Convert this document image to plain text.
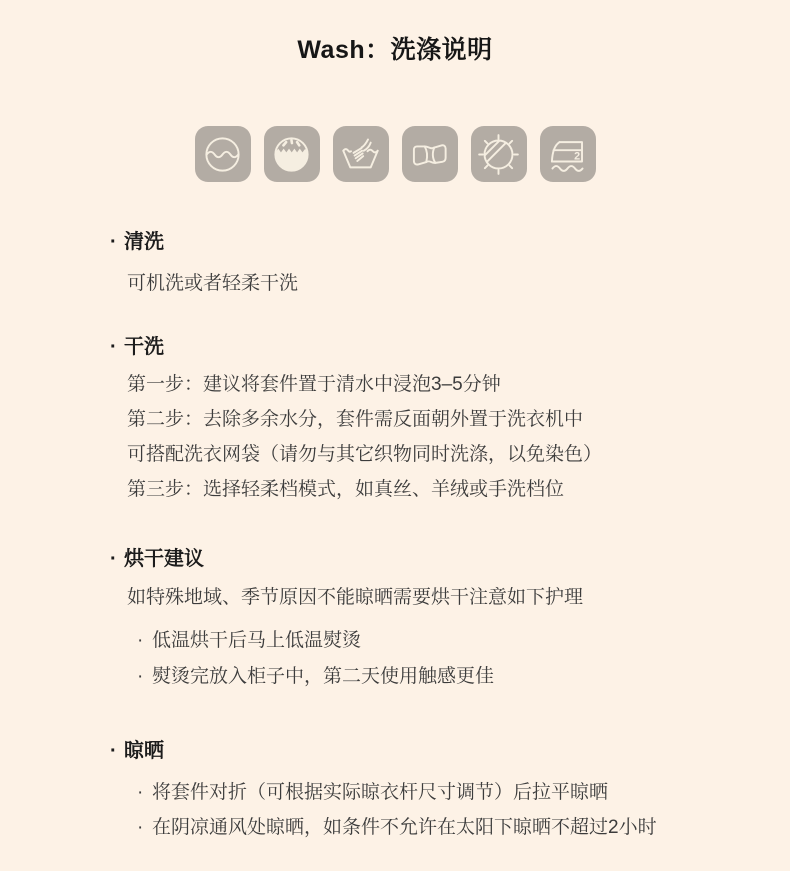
Wash：洗涤说明
2
· 清洗
可机洗或者轻柔干洗
· 干洗
第一步：建议将套件置于清水中浸泡3–5分钟
第二步：去除多余水分，套件需反面朝外置于洗衣机中
可搭配洗衣网袋（请勿与其它织物同时洗涤，以免染色）
第三步：选择轻柔档模式，如真丝、羊绒或手洗档位
· 烘干建议
如特殊地域、季节原因不能晾晒需要烘干注意如下护理
· 低温烘干后马上低温熨烫
· 熨烫完放入柜子中，第二天使用触感更佳
· 晾晒
· 将套件对折（可根据实际晾衣杆尺寸调节）后拉平晾晒
· 在阴凉通风处晾晒，如条件不允许在太阳下晾晒不超过2小时
